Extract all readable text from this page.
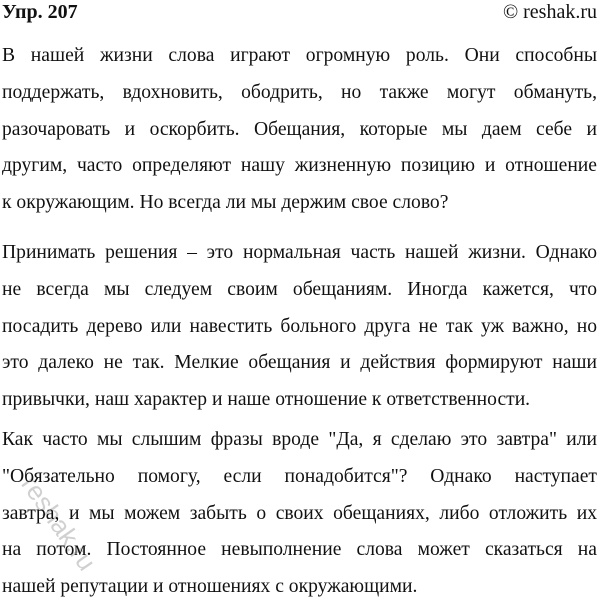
Упр. 207	© reshak.ru
reshak.ru
В нашей жизни слова играют огромную роль. Они способны
поддержать, вдохновить, ободрить, но также могут обмануть,
разочаровать и оскорбить. Обещания, которые мы даем себе и
другим, часто определяют нашу жизненную позицию и отношение
к окружающим. Но всегда ли мы держим свое слово?
Принимать решения – это нормальная часть нашей жизни. Однако
не всегда мы следуем своим обещаниям. Иногда кажется, что
посадить дерево или навестить больного друга не так уж важно, но
это далеко не так. Мелкие обещания и действия формируют наши
привычки, наш характер и наше отношение к ответственности.
Как часто мы слышим фразы вроде "Да, я сделаю это завтра" или
"Обязательно помогу, если понадобится"? Однако наступает
завтра, и мы можем забыть о своих обещаниях, либо отложить их
на потом. Постоянное невыполнение слова может сказаться на
нашей репутации и отношениях с окружающими.
